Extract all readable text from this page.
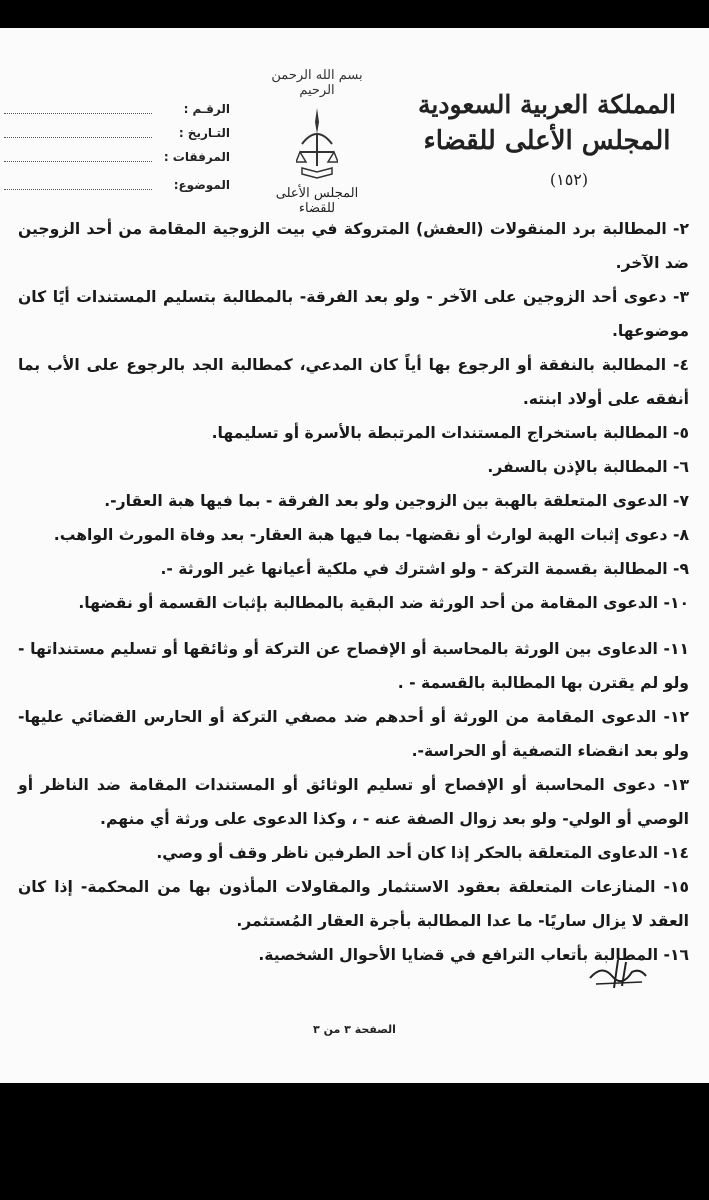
بسم الله الرحمن الرحيم
المجلس الأعلى للقضاء
المملكة العربية السعودية
المجلس الأعلى للقضاء
(١٥٢)
الرقـم :
التـاريخ :
المرفقات :
الموضوع:

٢- المطالبة برد المنقولات (العفش) المتروكة في بيت الزوجية المقامة من أحد الزوجين ضد الآخر.

٣- دعوى أحد الزوجين على الآخر - ولو بعد الفرقة- بالمطالبة بتسليم المستندات أيًا كان موضوعها.

٤- المطالبة بالنفقة أو الرجوع بها أياً كان المدعي، كمطالبة الجد بالرجوع على الأب بما أنفقه على أولاد ابنته.

٥- المطالبة باستخراج المستندات المرتبطة بالأسرة أو تسليمها.

٦- المطالبة بالإذن بالسفر.

٧- الدعوى المتعلقة بالهبة بين الزوجين ولو بعد الفرقة - بما فيها هبة العقار-.

٨- دعوى إثبات الهبة لوارث أو نقضها- بما فيها هبة العقار- بعد وفاة المورث الواهب.

٩- المطالبة بقسمة التركة - ولو اشترك في ملكية أعيانها غير الورثة -.

١٠- الدعوى المقامة من أحد الورثة ضد البقية بالمطالبة بإثبات القسمة أو نقضها.

١١- الدعاوى بين الورثة بالمحاسبة أو الإفصاح عن التركة أو وثائقها أو تسليم مستنداتها - ولو لم يقترن بها المطالبة بالقسمة - .

١٢- الدعوى المقامة من الورثة أو أحدهم ضد مصفي التركة أو الحارس القضائي عليها- ولو بعد انقضاء التصفية أو الحراسة-.

١٣- دعوى المحاسبة أو الإفصاح أو تسليم الوثائق أو المستندات المقامة ضد الناظر أو الوصي أو الولي- ولو بعد زوال الصفة عنه - ، وكذا الدعوى على ورثة أي منهم.

١٤- الدعاوى المتعلقة بالحكر إذا كان أحد الطرفين ناظر وقف أو وصي.

١٥- المنازعات المتعلقة بعقود الاستثمار والمقاولات المأذون بها من المحكمة- إذا كان العقد لا يزال ساريًا- ما عدا المطالبة بأجرة العقار المُستثمر.

١٦- المطالبة بأتعاب الترافع في قضايا الأحوال الشخصية.

الصفحة ٣ من ٣
